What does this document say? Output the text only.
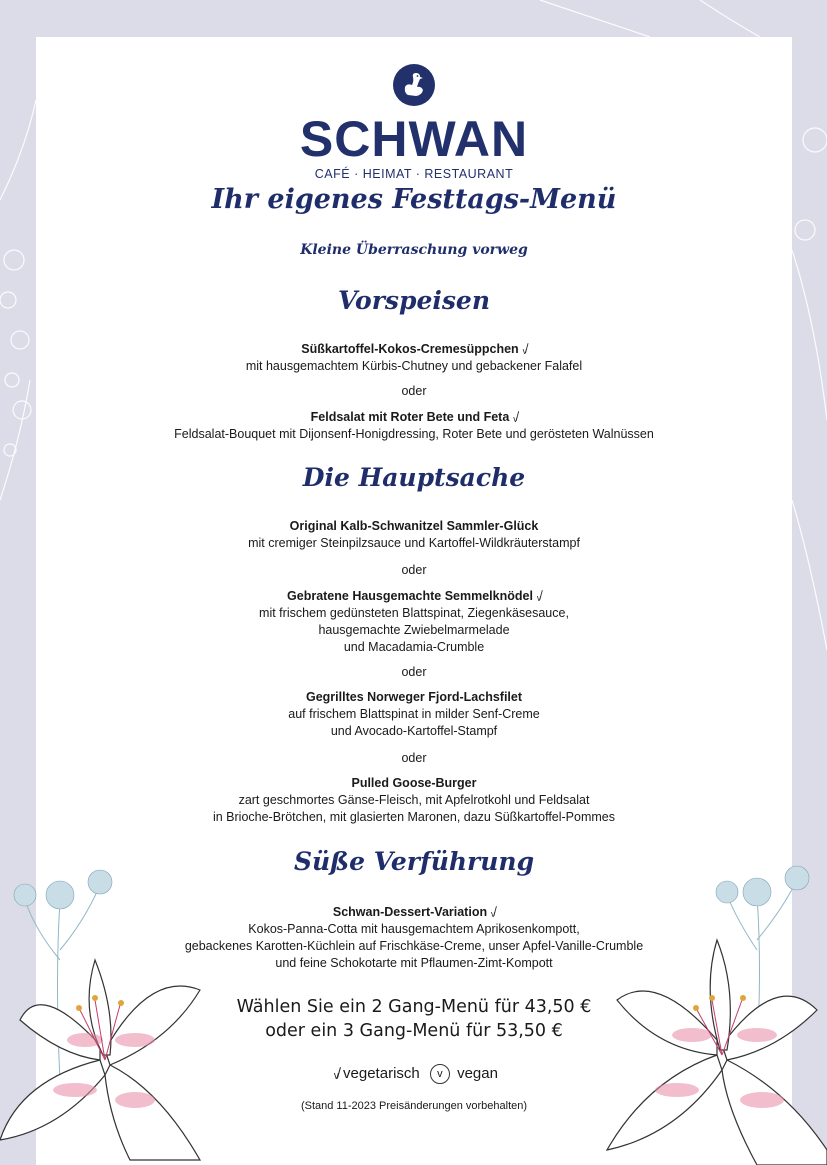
SCHWAN
CAFÉ · HEIMAT · RESTAURANT
Ihr eigenes Festtags-Menü
Kleine Überraschung vorweg
Vorspeisen
Süßkartoffel-Kokos-Cremesüppchen ᵥ̸
mit hausgemachtem Kürbis-Chutney und gebackener Falafel
oder
Feldsalat mit Roter Bete und Feta ᵥ̸
Feldsalat-Bouquet mit Dijonsenf-Honigdressing, Roter Bete und gerösteten Walnüssen
Die Hauptsache
Original Kalb-Schwanitzel Sammler-Glück
mit cremiger Steinpilzsauce und Kartoffel-Wildkräuterstampf
oder
Gebratene Hausgemachte Semmelknödel ᵥ̸
mit frischem gedünsteten Blattspinat, Ziegenkäsesauce,
hausgemachte Zwiebelmarmelade
und Macadamia-Crumble
oder
Gegrilltes Norweger Fjord-Lachsfilet
auf frischem Blattspinat in milder Senf-Creme
und Avocado-Kartoffel-Stampf
oder
Pulled Goose-Burger
zart geschmortes Gänse-Fleisch, mit Apfelrotkohl und Feldsalat
in Brioche-Brötchen, mit glasierten Maronen, dazu Süßkartoffel-Pommes
Süße Verführung
Schwan-Dessert-Variation ᵥ̸
Kokos-Panna-Cotta mit hausgemachtem Aprikosenkompott,
gebackenes Karotten-Küchlein auf Frischkäse-Creme, unser Apfel-Vanille-Crumble
und feine Schokotarte mit Pflaumen-Zimt-Kompott
Wählen Sie ein 2 Gang-Menü für 43,50 €
oder ein 3 Gang-Menü für 53,50 €
ᵥ̸ vegetarisch v vegan
(Stand 11-2023 Preisänderungen vorbehalten)
